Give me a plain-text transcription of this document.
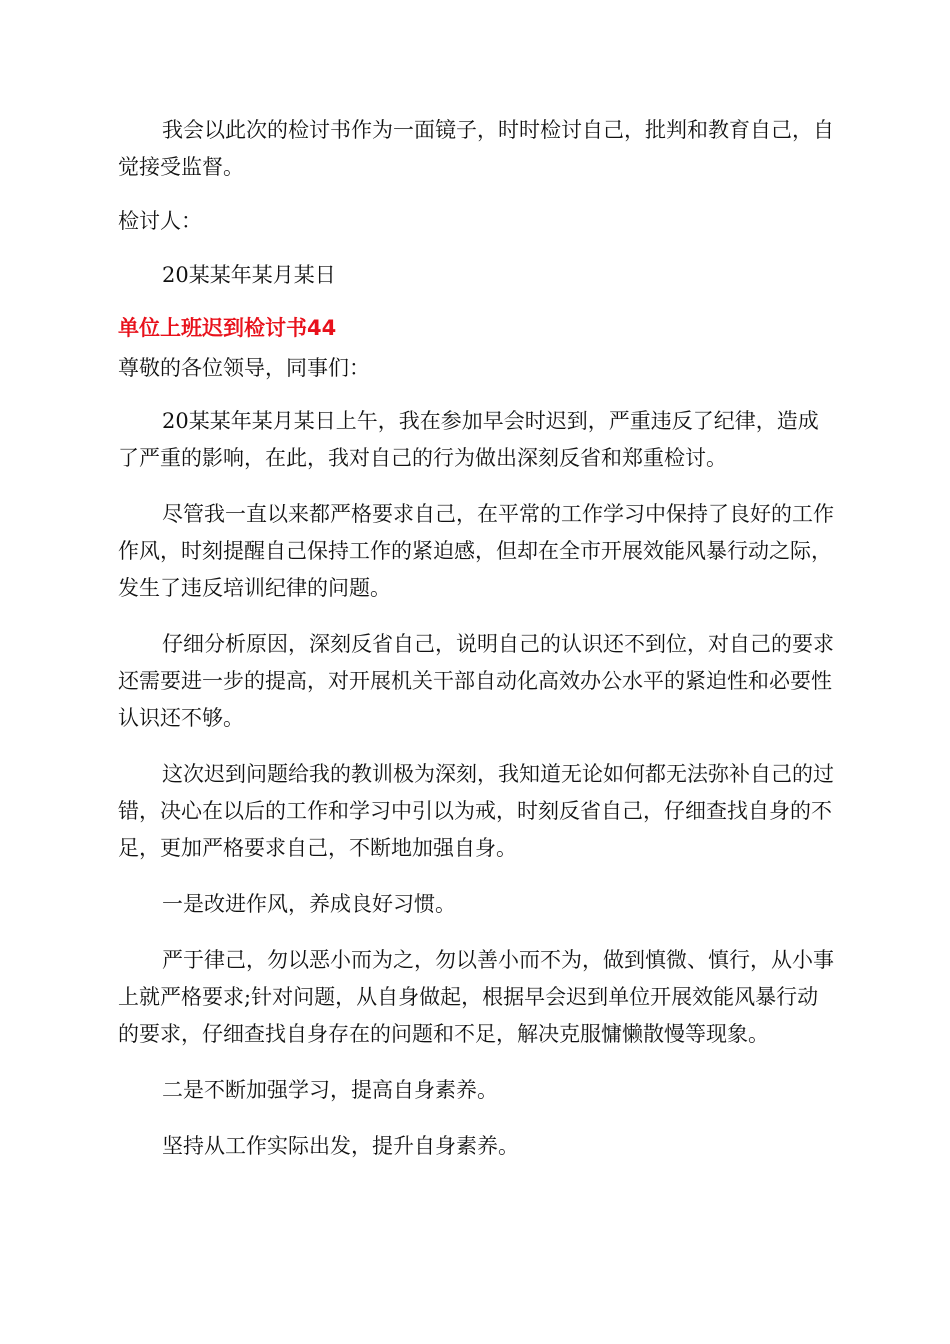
我会以此次的检讨书作为一面镜子，时时检讨自己，批判和教育自己，自觉接受监督。

检讨人：

20某某年某月某日

单位上班迟到检讨书44

尊敬的各位领导，同事们：

20某某年某月某日上午，我在参加早会时迟到，严重违反了纪律，造成了严重的影响，在此，我对自己的行为做出深刻反省和郑重检讨。

尽管我一直以来都严格要求自己，在平常的工作学习中保持了良好的工作作风，时刻提醒自己保持工作的紧迫感，但却在全市开展效能风暴行动之际，发生了违反培训纪律的问题。

仔细分析原因，深刻反省自己，说明自己的认识还不到位，对自己的要求还需要进一步的提高，对开展机关干部自动化高效办公水平的紧迫性和必要性认识还不够。

这次迟到问题给我的教训极为深刻，我知道无论如何都无法弥补自己的过错，决心在以后的工作和学习中引以为戒，时刻反省自己，仔细查找自身的不足，更加严格要求自己，不断地加强自身。

一是改进作风，养成良好习惯。

严于律己，勿以恶小而为之，勿以善小而不为，做到慎微、慎行，从小事上就严格要求;针对问题，从自身做起，根据早会迟到单位开展效能风暴行动的要求，仔细查找自身存在的问题和不足，解决克服慵懒散慢等现象。

二是不断加强学习，提高自身素养。

坚持从工作实际出发，提升自身素养。
